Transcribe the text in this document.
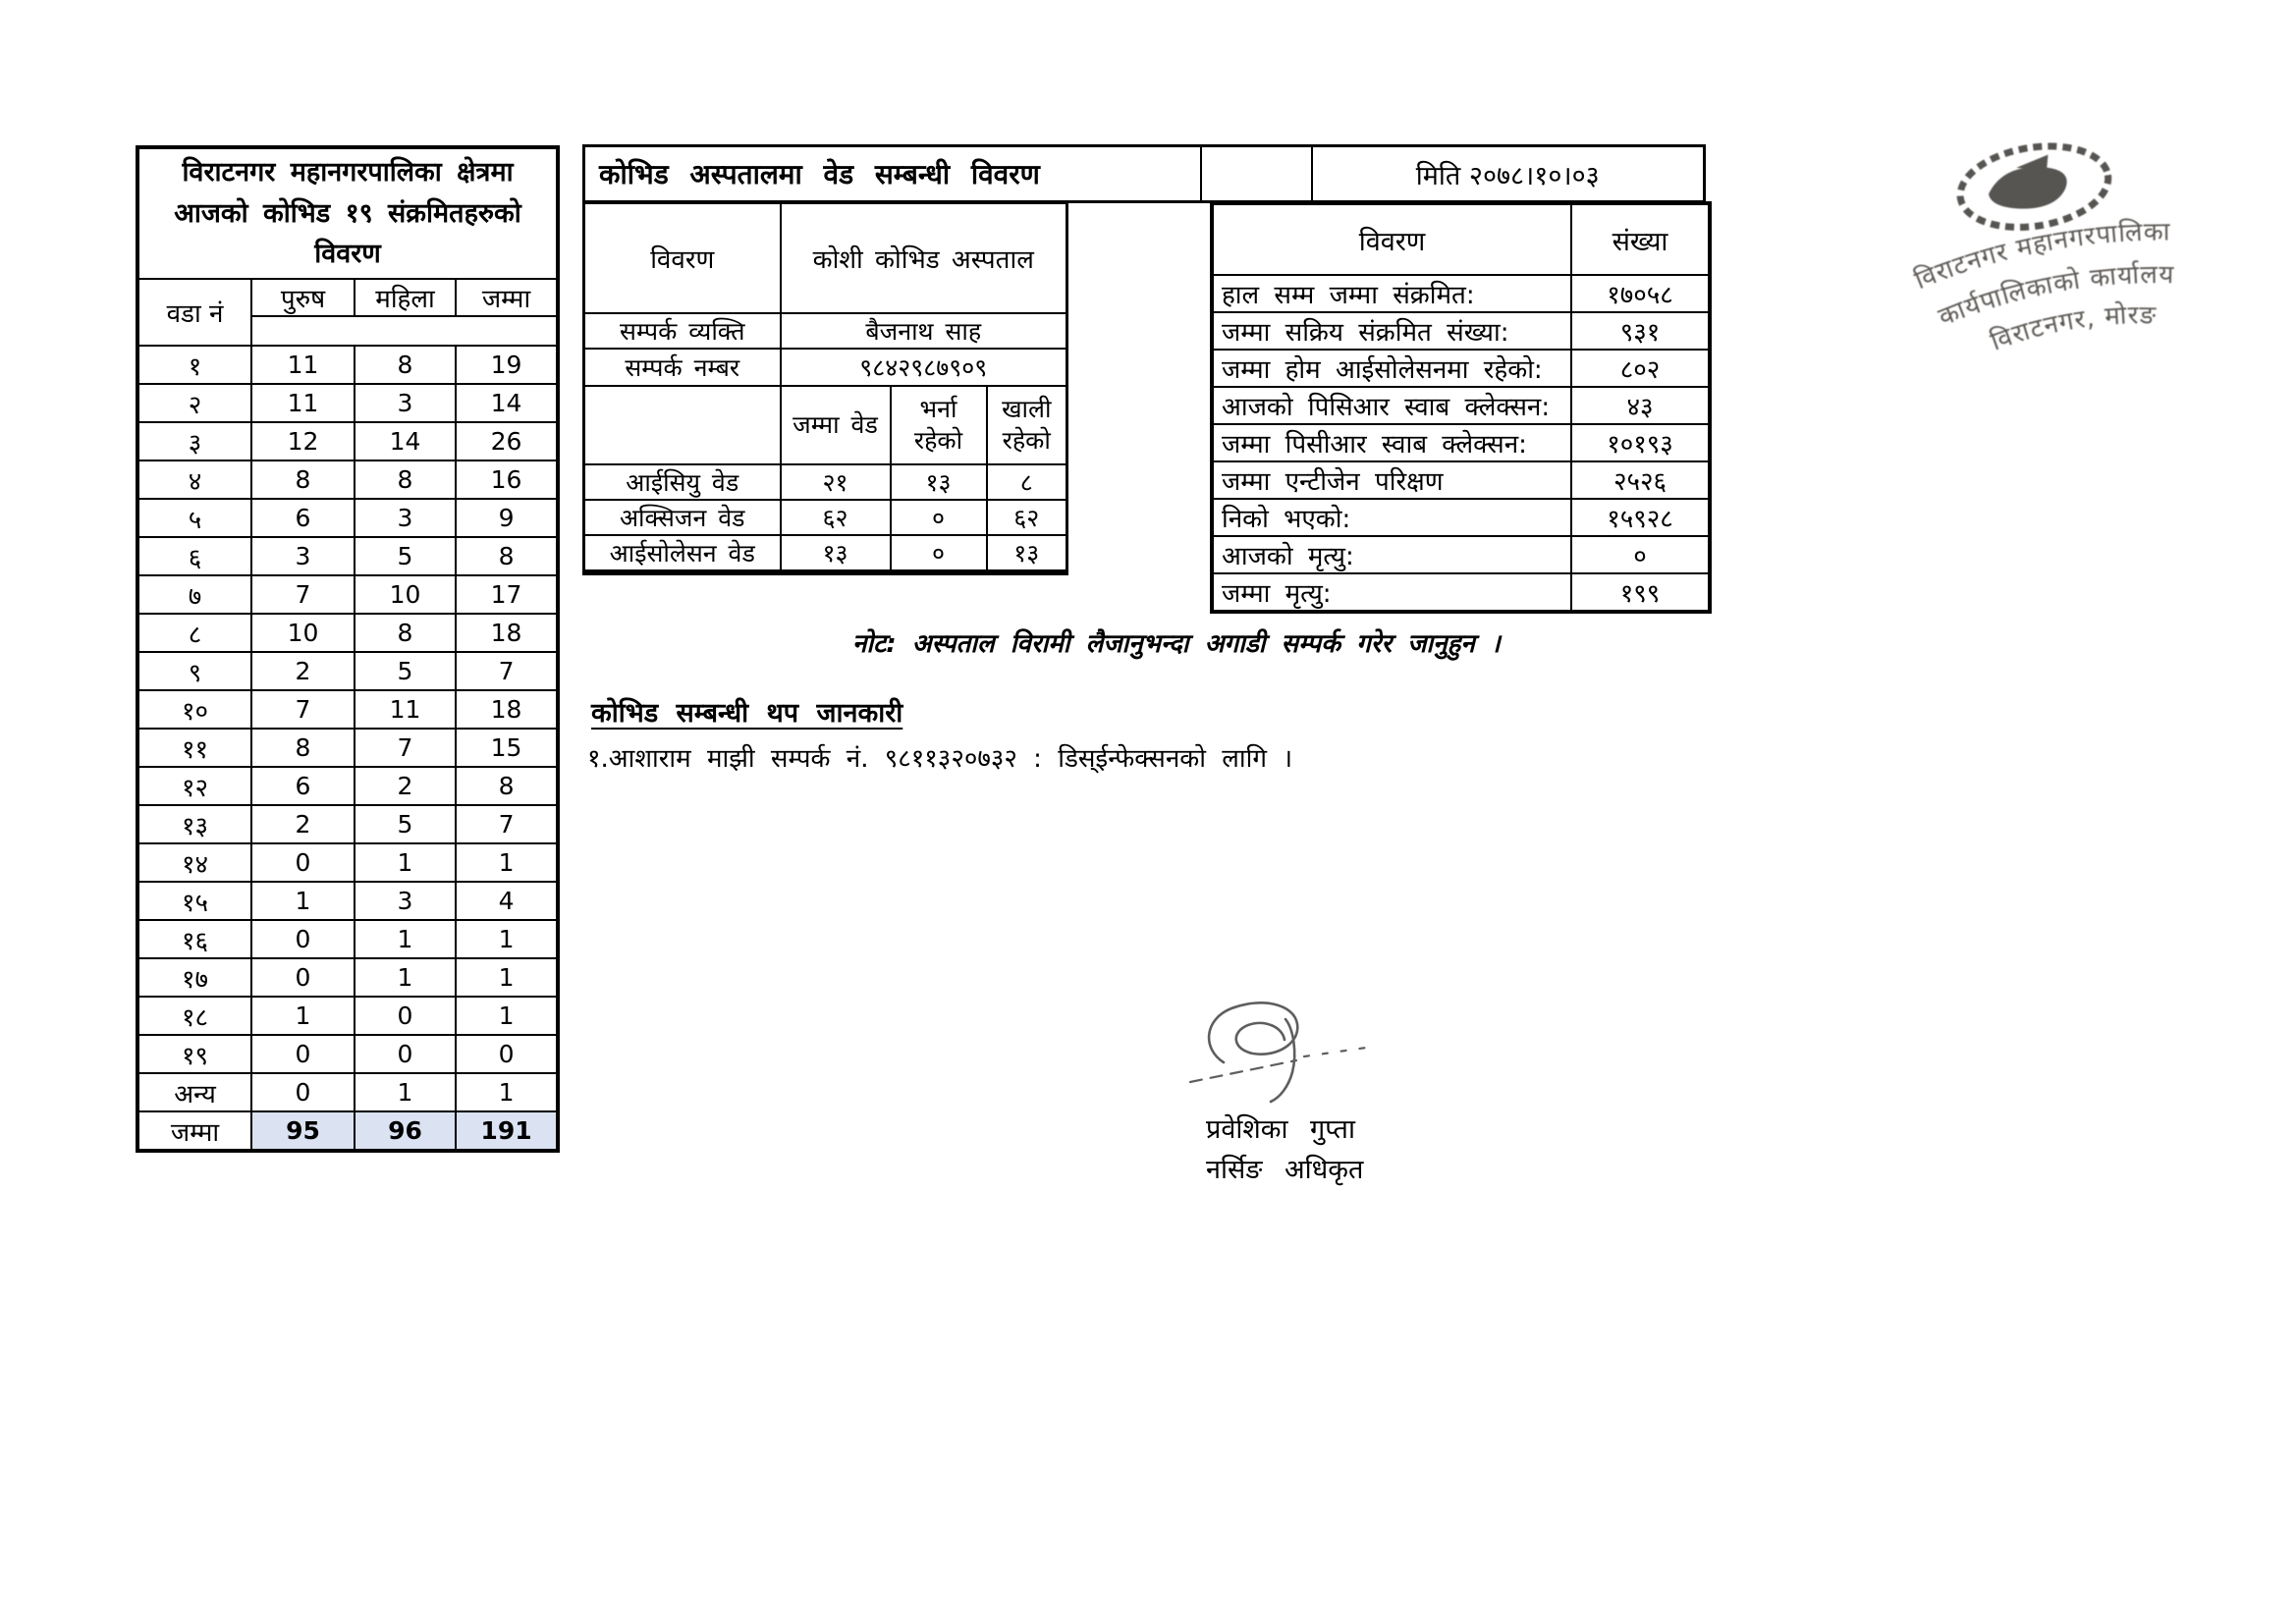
विराटनगर महानगरपालिका क्षेत्रमा आजको कोभिड १९ संक्रमितहरुको विवरण			
वडा नं	पुरुष	महिला	जम्मा

१	11	8	19
२	11	3	14
३	12	14	26
४	8	8	16
५	6	3	9
६	3	5	8
७	7	10	17
८	10	8	18
९	2	5	7
१०	7	11	18
११	8	7	15
१२	6	2	8
१३	2	5	7
१४	0	1	1
१५	1	3	4
१६	0	1	1
१७	0	1	1
१८	1	0	1
१९	0	0	0
अन्य	0	1	1
जम्मा	95	96	191
कोभिड अस्पतालमा वेड सम्बन्धी विवरण		मिति २०७८।१०।०३
विवरण	कोशी कोभिड अस्पताल		
सम्पर्क व्यक्ति	बैजनाथ साह		
सम्पर्क नम्बर	९८४२९८७९०९		
	जम्मा वेड	भर्ना रहेको	खाली रहेको
आईसियु वेड	२१	१३	८
अक्सिजन वेड	६२	०	६२
आईसोलेसन वेड	१३	०	१३
विवरण	संख्या
हाल सम्म जम्मा संक्रमित:	१७०५८
जम्मा सक्रिय संक्रमित संख्या:	९३१
जम्मा होम आईसोलेसनमा रहेको:	८०२
आजको पिसिआर स्वाब क्लेक्सन:	४३
जम्मा पिसीआर स्वाब क्लेक्सन:	१०१९३
जम्मा एन्टीजेन परिक्षण	२५२६
निको भएको:	१५९२८
आजको मृत्यु:	०
जम्मा मृत्यु:	१९९
नोट: अस्पताल विरामी लैजानुभन्दा अगाडी सम्पर्क गरेर जानुहुन ।
कोभिड सम्बन्धी थप जानकारी
१.आशाराम माझी सम्पर्क नं. ९८११३२०७३२ : डिस्ईन्फेक्सनको लागि ।
प्रवेशिका गुप्ता
नर्सिङ अधिकृत
विराटनगर महानगरपालिका
कार्यपालिकाको कार्यालय
विराटनगर, मोरङ
